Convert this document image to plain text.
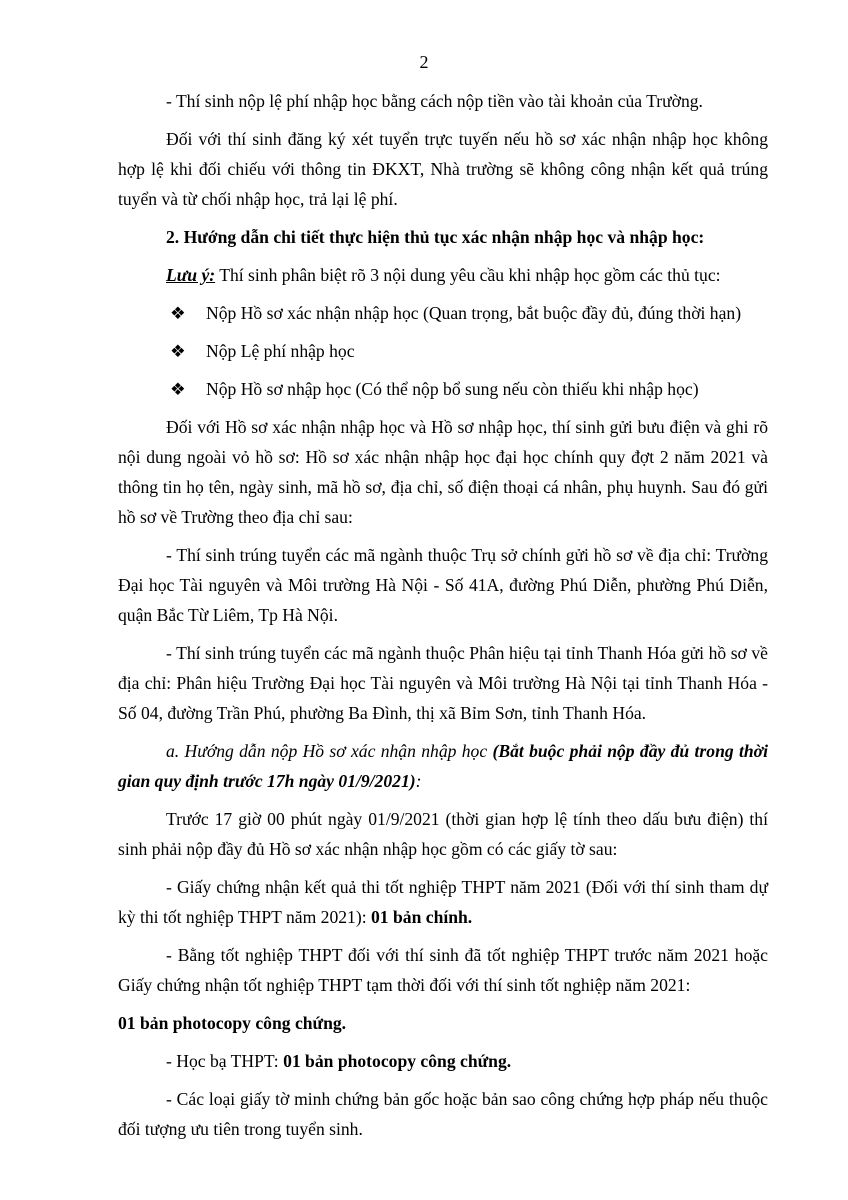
2

- Thí sinh nộp lệ phí nhập học bằng cách nộp tiền vào tài khoản của Trường.

Đối với thí sinh đăng ký xét tuyển trực tuyến nếu hồ sơ xác nhận nhập học không hợp lệ khi đối chiếu với thông tin ĐKXT, Nhà trường sẽ không công nhận kết quả trúng tuyển và từ chối nhập học, trả lại lệ phí.

2. Hướng dẫn chi tiết thực hiện thủ tục xác nhận nhập học và nhập học:

Lưu ý: Thí sinh phân biệt rõ 3 nội dung yêu cầu khi nhập học gồm các thủ tục:

❖	Nộp Hồ sơ xác nhận nhập học (Quan trọng, bắt buộc đầy đủ, đúng thời hạn)
❖	Nộp Lệ phí nhập học
❖	Nộp Hồ sơ nhập học (Có thể nộp bổ sung nếu còn thiếu khi nhập học)

Đối với Hồ sơ xác nhận nhập học và Hồ sơ nhập học, thí sinh gửi bưu điện và ghi rõ nội dung ngoài vỏ hồ sơ: Hồ sơ xác nhận nhập học đại học chính quy đợt 2 năm 2021 và thông tin họ tên, ngày sinh, mã hồ sơ, địa chỉ, số điện thoại cá nhân, phụ huynh. Sau đó gửi hồ sơ về Trường theo địa chỉ sau:

- Thí sinh trúng tuyển các mã ngành thuộc Trụ sở chính gửi hồ sơ về địa chỉ: Trường Đại học Tài nguyên và Môi trường Hà Nội - Số 41A, đường Phú Diễn, phường Phú Diễn, quận Bắc Từ Liêm, Tp Hà Nội.

- Thí sinh trúng tuyển các mã ngành thuộc Phân hiệu tại tỉnh Thanh Hóa gửi hồ sơ về địa chỉ: Phân hiệu Trường Đại học Tài nguyên và Môi trường Hà Nội tại tỉnh Thanh Hóa - Số 04, đường Trần Phú, phường Ba Đình, thị xã Bỉm Sơn, tỉnh Thanh Hóa.

a. Hướng dẫn nộp Hồ sơ xác nhận nhập học (Bắt buộc phải nộp đầy đủ trong thời gian quy định trước 17h ngày 01/9/2021):

Trước 17 giờ 00 phút ngày 01/9/2021 (thời gian hợp lệ tính theo dấu bưu điện) thí sinh phải nộp đầy đủ Hồ sơ xác nhận nhập học gồm có các giấy tờ sau:

- Giấy chứng nhận kết quả thi tốt nghiệp THPT năm 2021 (Đối với thí sinh tham dự kỳ thi tốt nghiệp THPT năm 2021): 01 bản chính.

- Bằng tốt nghiệp THPT đối với thí sinh đã tốt nghiệp THPT trước năm 2021 hoặc Giấy chứng nhận tốt nghiệp THPT tạm thời đối với thí sinh tốt nghiệp năm 2021:

01 bản photocopy công chứng.

- Học bạ THPT: 01 bản photocopy công chứng.

- Các loại giấy tờ minh chứng bản gốc hoặc bản sao công chứng hợp pháp nếu thuộc đối tượng ưu tiên trong tuyển sinh.
